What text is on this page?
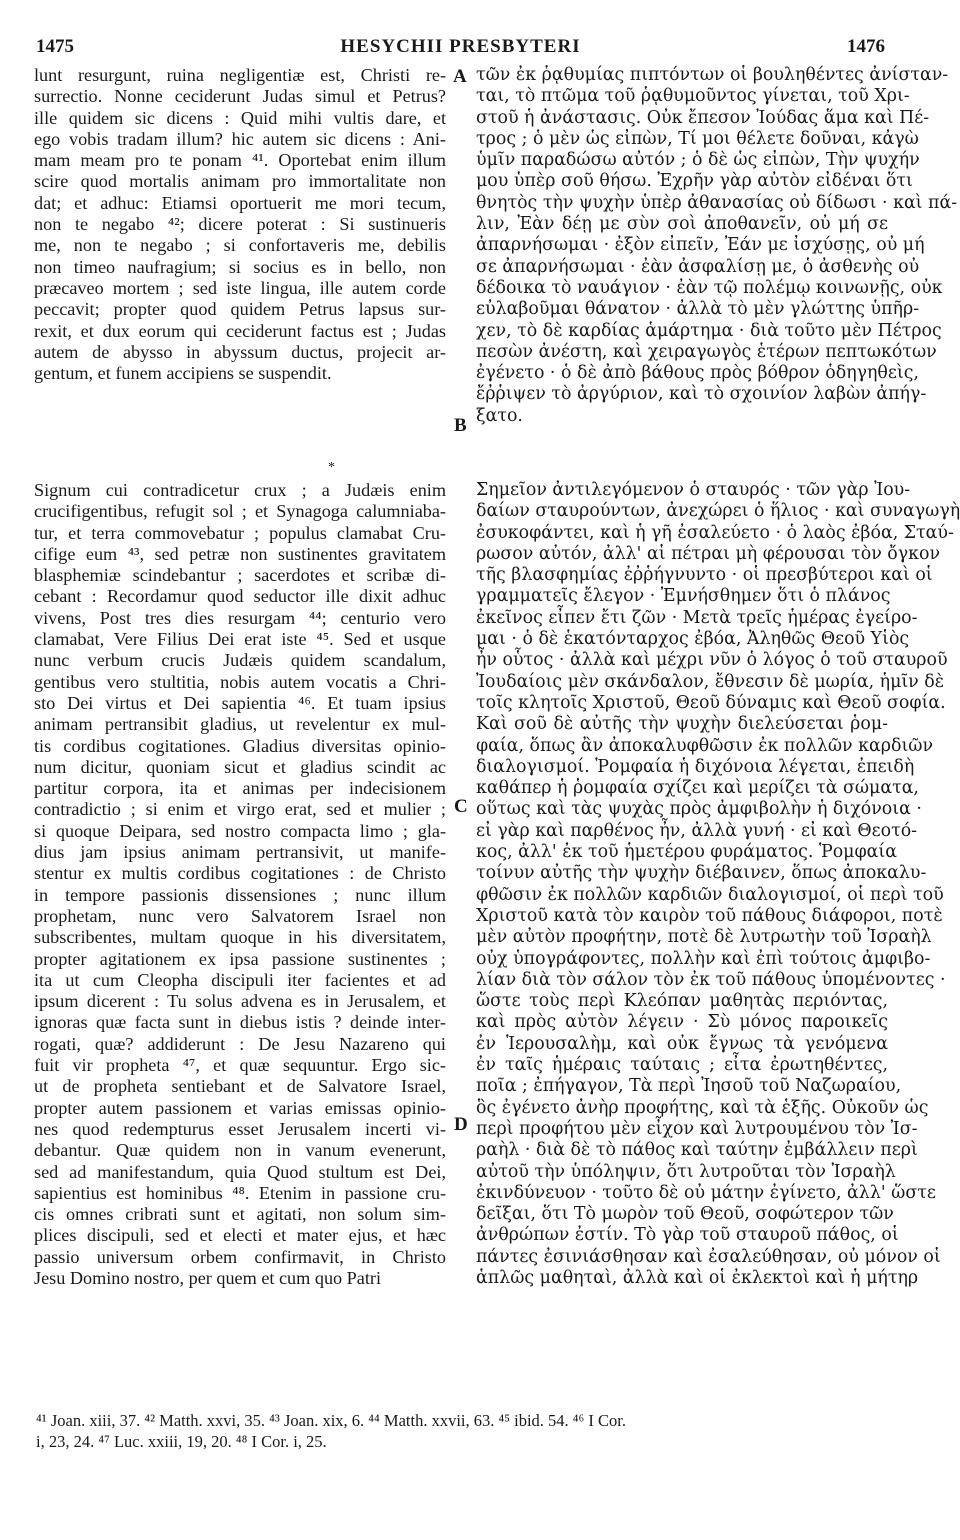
1475	HESYCHII PRESBYTERI	1476
lunt resurgunt, ruina negligentiæ est, Christi re-
surrectio. Nonne ceciderunt Judas simul et Petrus?
ille quidem sic dicens : Quid mihi vultis dare, et
ego vobis tradam illum? hic autem sic dicens : Ani-
mam meam pro te ponam ⁴¹. Oportebat enim illum
scire quod mortalis animam pro immortalitate non
dat; et adhuc: Etiamsi oportuerit me mori tecum,
non te negabo ⁴²; dicere poterat : Si sustinueris
me, non te negabo ; si confortaveris me, debilis
non timeo naufragium; si socius es in bello, non
præcaveo mortem ; sed iste lingua, ille autem corde
peccavit; propter quod quidem Petrus lapsus sur-
rexit, et dux eorum qui ceciderunt factus est ; Judas
autem de abysso in abyssum ductus, projecit ar-
gentum, et funem accipiens se suspendit.
Signum cui contradicetur crux ; a Judæis enim
crucifigentibus, refugit sol ; et Synagoga calumniaba-
tur, et terra commovebatur ; populus clamabat Cru-
cifige eum ⁴³, sed petræ non sustinentes gravitatem
blasphemiæ scindebantur ; sacerdotes et scribæ di-
cebant : Recordamur quod seductor ille dixit adhuc
vivens, Post tres dies resurgam ⁴⁴; centurio vero
clamabat, Vere Filius Dei erat iste ⁴⁵. Sed et usque
nunc verbum crucis Judæis quidem scandalum,
gentibus vero stultitia, nobis autem vocatis a Chri-
sto Dei virtus et Dei sapientia ⁴⁶. Et tuam ipsius
animam pertransibit gladius, ut revelentur ex mul-
tis cordibus cogitationes. Gladius diversitas opinio-
num dicitur, quoniam sicut et gladius scindit ac
partitur corpora, ita et animas per indecisionem
contradictio ; si enim et virgo erat, sed et mulier ;
si quoque Deipara, sed nostro compacta limo ; gla-
dius jam ipsius animam pertransivit, ut manife-
stentur ex multis cordibus cogitationes : de Christo
in tempore passionis dissensiones ; nunc illum
prophetam, nunc vero Salvatorem Israel non
subscribentes, multam quoque in his diversitatem,
propter agitationem ex ipsa passione sustinentes ;
ita ut cum Cleopha discipuli iter facientes et ad
ipsum dicerent : Tu solus advena es in Jerusalem, et
ignoras quæ facta sunt in diebus istis ? deinde inter-
rogati, quæ? addiderunt : De Jesu Nazareno qui
fuit vir propheta ⁴⁷, et quæ sequuntur. Ergo sic-
ut de propheta sentiebant et de Salvatore Israel,
propter autem passionem et varias emissas opinio-
nes quod redempturus esset Jerusalem incerti vi-
debantur. Quæ quidem non in vanum evenerunt,
sed ad manifestandum, quia Quod stultum est Dei,
sapientius est hominibus ⁴⁸. Etenim in passione cru-
cis omnes cribrati sunt et agitati, non solum sim-
plices discipuli, sed et electi et mater ejus, et hæc
passio universum orbem confirmavit, in Christo
Jesu Domino nostro, per quem et cum quo Patri
τῶν ἐκ ῥᾳθυμίας πιπτόντων οἱ βουληθέντες ἀνίσταν-
ται, τὸ πτῶμα τοῦ ῥᾳθυμοῦντος γίνεται, τοῦ Χρι-
στοῦ ἡ ἀνάστασις. Οὐκ ἔπεσον Ἰούδας ἅμα καὶ Πέ-
τρος ; ὁ μὲν ὡς εἰπὼν, Τί μοι θέλετε δοῦναι, κἀγὼ
ὑμῖν παραδώσω αὐτόν ; ὁ δὲ ὡς εἰπὼν, Τὴν ψυχήν
μου ὑπὲρ σοῦ θήσω. Ἐχρῆν γὰρ αὐτὸν εἰδέναι ὅτι
θνητὸς τὴν ψυχὴν ὑπὲρ ἀθανασίας οὐ δίδωσι · καὶ πά-
λιν, Ἐὰν δέῃ με σὺν σοὶ ἀποθανεῖν, οὐ μή σε
ἀπαρνήσωμαι · ἐξὸν εἰπεῖν, Ἐάν με ἰσχύσῃς, οὐ μή
σε ἀπαρνήσωμαι · ἐὰν ἀσφαλίσῃ με, ὁ ἀσθενὴς οὐ
δέδοικα τὸ ναυάγιον · ἐὰν τῷ πολέμῳ κοινωνῇς, οὐκ
εὐλαβοῦμαι θάνατον · ἀλλὰ τὸ μὲν γλώττης ὑπῆρ-
χεν, τὸ δὲ καρδίας ἁμάρτημα · διὰ τοῦτο μὲν Πέτρος
πεσὼν ἀνέστη, καὶ χειραγωγὸς ἑτέρων πεπτωκότων
ἐγένετο · ὁ δὲ ἀπὸ βάθους πρὸς βόθρον ὁδηγηθεὶς,
ἔῤῥιψεν τὸ ἀργύριον, καὶ τὸ σχοινίον λαβὼν ἀπήγ-
ξατο.
Σημεῖον ἀντιλεγόμενον ὁ σταυρός · τῶν γὰρ Ἰου-
δαίων σταυρούντων, ἀνεχώρει ὁ ἥλιος · καὶ συναγωγὴ
ἐσυκοφάντει, καὶ ἡ γῆ ἐσαλεύετο · ὁ λαὸς ἐβόα, Σταύ-
ρωσον αὐτόν, ἀλλ' αἱ πέτραι μὴ φέρουσαι τὸν ὄγκον
τῆς βλασφημίας ἐῤῥήγνυντο · οἱ πρεσβύτεροι καὶ οἱ
γραμματεῖς ἔλεγον · Ἐμνήσθημεν ὅτι ὁ πλάνος
ἐκεῖνος εἶπεν ἔτι ζῶν · Μετὰ τρεῖς ἡμέρας ἐγείρο-
μαι · ὁ δὲ ἑκατόνταρχος ἐβόα, Ἀληθῶς Θεοῦ Υἱὸς
ἦν οὗτος · ἀλλὰ καὶ μέχρι νῦν ὁ λόγος ὁ τοῦ σταυροῦ
Ἰουδαίοις μὲν σκάνδαλον, ἔθνεσιν δὲ μωρία, ἡμῖν δὲ
τοῖς κλητοῖς Χριστοῦ, Θεοῦ δύναμις καὶ Θεοῦ σοφία.
Καὶ σοῦ δὲ αὐτῆς τὴν ψυχὴν διελεύσεται ῥομ-
φαία, ὅπως ἂν ἀποκαλυφθῶσιν ἐκ πολλῶν καρδιῶν
διαλογισμοί. Ῥομφαία ἡ διχόνοια λέγεται, ἐπειδὴ
καθάπερ ἡ ῥομφαία σχίζει καὶ μερίζει τὰ σώματα,
οὕτως καὶ τὰς ψυχὰς πρὸς ἀμφιβολὴν ἡ διχόνοια ·
εἰ γὰρ καὶ παρθένος ἦν, ἀλλὰ γυνή · εἰ καὶ Θεοτό-
κος, ἀλλ' ἐκ τοῦ ἡμετέρου φυράματος. Ῥομφαία
τοίνυν αὐτῆς τὴν ψυχὴν διέβαινεν, ὅπως ἀποκαλυ-
φθῶσιν ἐκ πολλῶν καρδιῶν διαλογισμοί, οἱ περὶ τοῦ
Χριστοῦ κατὰ τὸν καιρὸν τοῦ πάθους διάφοροι, ποτὲ
μὲν αὐτὸν προφήτην, ποτὲ δὲ λυτρωτὴν τοῦ Ἰσραὴλ
οὐχ ὑπογράφοντες, πολλὴν καὶ ἐπὶ τούτοις ἀμφιβο-
λίαν διὰ τὸν σάλον τὸν ἐκ τοῦ πάθους ὑπομένοντες ·
ὥστε τοὺς περὶ Κλεόπαν μαθητὰς περιόντας,
καὶ πρὸς αὐτὸν λέγειν · Σὺ μόνος παροικεῖς
ἐν Ἱερουσαλὴμ, καὶ οὐκ ἔγνως τὰ γενόμενα
ἐν ταῖς ἡμέραις ταύταις ; εἶτα ἐρωτηθέντες,
ποῖα ; ἐπήγαγον, Τὰ περὶ Ἰησοῦ τοῦ Ναζωραίου,
ὃς ἐγένετο ἀνὴρ προφήτης, καὶ τὰ ἑξῆς. Οὐκοῦν ὡς
περὶ προφήτου μὲν εἶχον καὶ λυτρουμένου τὸν Ἰσ-
ραὴλ · διὰ δὲ τὸ πάθος καὶ ταύτην ἐμβάλλειν περὶ
αὐτοῦ τὴν ὑπόληψιν, ὅτι λυτροῦται τὸν Ἰσραὴλ
ἐκινδύνευον · τοῦτο δὲ οὐ μάτην ἐγίνετο, ἀλλ' ὥστε
δεῖξαι, ὅτι Τὸ μωρὸν τοῦ Θεοῦ, σοφώτερον τῶν
ἀνθρώπων ἐστίν. Τὸ γὰρ τοῦ σταυροῦ πάθος, οἱ
πάντες ἐσινιάσθησαν καὶ ἐσαλεύθησαν, οὐ μόνον οἱ
ἁπλῶς μαθηταὶ, ἀλλὰ καὶ οἱ ἐκλεκτοὶ καὶ ἡ μήτηρ
*
A
B
C
D
⁴¹ Joan. xiii, 37. ⁴² Matth. xxvi, 35. ⁴³ Joan. xix, 6. ⁴⁴ Matth. xxvii, 63. ⁴⁵ ibid. 54. ⁴⁶ I Cor.
i, 23, 24. ⁴⁷ Luc. xxiii, 19, 20. ⁴⁸ I Cor. i, 25.
